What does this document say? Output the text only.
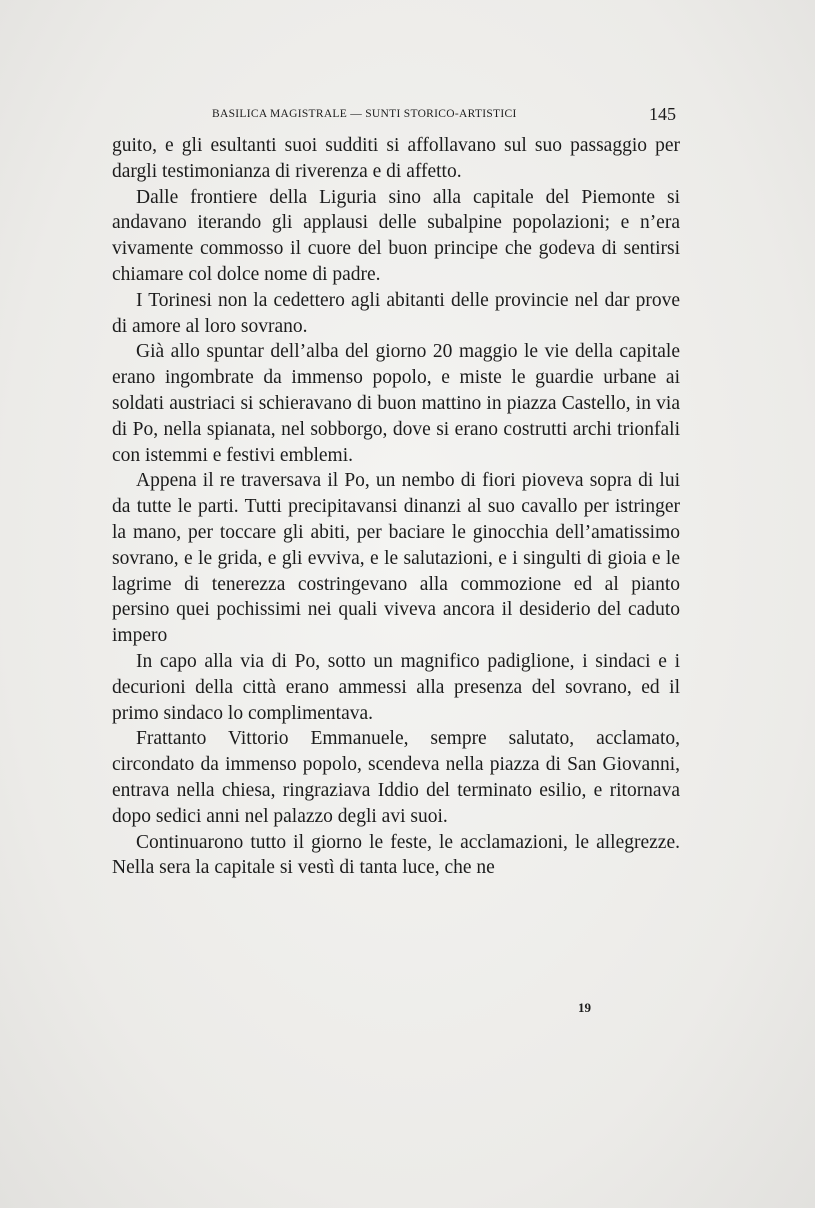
BASILICA MAGISTRALE — SUNTI ST​ORICO-ARTISTICI	145

guito, e gli esultanti suoi sudditi si affollavano sul suo passaggio per dargli testimonianza di riverenza e di affetto.

Dalle frontiere della Liguria sino alla capitale del Piemonte si andavano iterando gli applausi delle subalpine popolazioni; e n’era vivamente commosso il cuore del buon principe che godeva di sentirsi chiamare col dolce nome di padre.

I Torinesi non la cedettero agli abitanti delle provincie nel dar prove di amore al loro sovrano.

Già allo spuntar dell’alba del giorno 20 maggio le vie della capitale erano ingombrate da immenso popolo, e miste le guardie urbane ai soldati austriaci si schieravano di buon mattino in piazza Castello, in via di Po, nella spianata, nel sobborgo, dove si erano costrutti archi trionfali con istemmi e festivi emblemi.

Appena il re traversava il Po, un nembo di fiori pioveva sopra di lui da tutte le parti. Tutti precipitavansi dinanzi al suo cavallo per istringer la mano, per toccare gli abiti, per baciare le ginocchia dell’amatissimo sovrano, e le grida, e gli evviva, e le salutazioni, e i singulti di gioia e le lagrime di tenerezza costringevano alla commozione ed al pianto persino quei pochissimi nei quali viveva ancora il desiderio del caduto impero

In capo alla via di Po, sotto un magnifico padiglione, i sindaci e i decurioni della città erano ammessi alla presenza del sovrano, ed il primo sindaco lo complimentava.

Frattanto Vittorio Emmanuele, sempre salutato, acclamato, circondato da immenso popolo, scendeva nella piazza di San Giovanni, entrava nella chiesa, ringraziava Iddio del terminato esilio, e ritornava dopo sedici anni nel palazzo degli avi suoi.

Continuarono tutto il giorno le feste, le acclamazioni, le allegrezze. Nella sera la capitale si vestì di tanta luce, che ne

19
